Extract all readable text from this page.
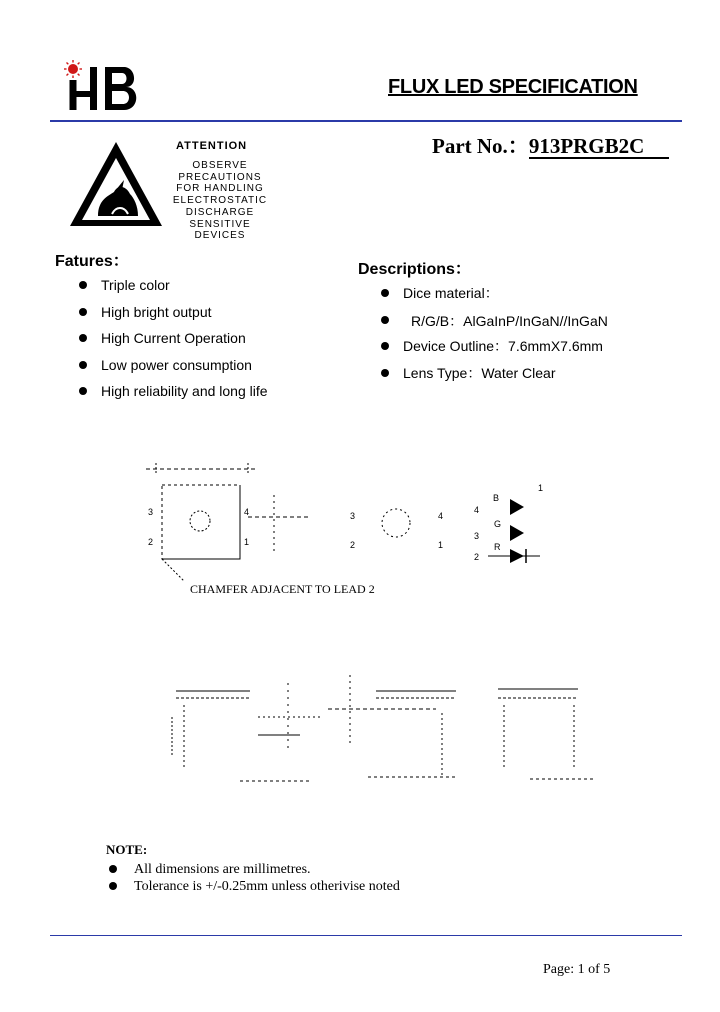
FLUX LED SPECIFICATION
Part No.：913PRGB2C
ATTENTION
OBSERVE PRECAUTIONS
FOR HANDLING
ELECTROSTATIC
DISCHARGE
SENSITIVE
DEVICES
Fatures：
Triple color
High bright output
High Current Operation
Low power consumption
High reliability and long life
Descriptions：
Dice material：
Device Outline：7.6mmX7.6mm
Lens Type：Water Clear
R/G/B：AlGaInP/InGaN//InGaN
3
2
4
1
3
2
4
1
1
4
3
2
B
G
R
CHAMFER ADJACENT TO LEAD 2
NOTE:
All dimensions are millimetres.
Tolerance is +/-0.25mm unless otherivise noted
Page: 1 of 5
